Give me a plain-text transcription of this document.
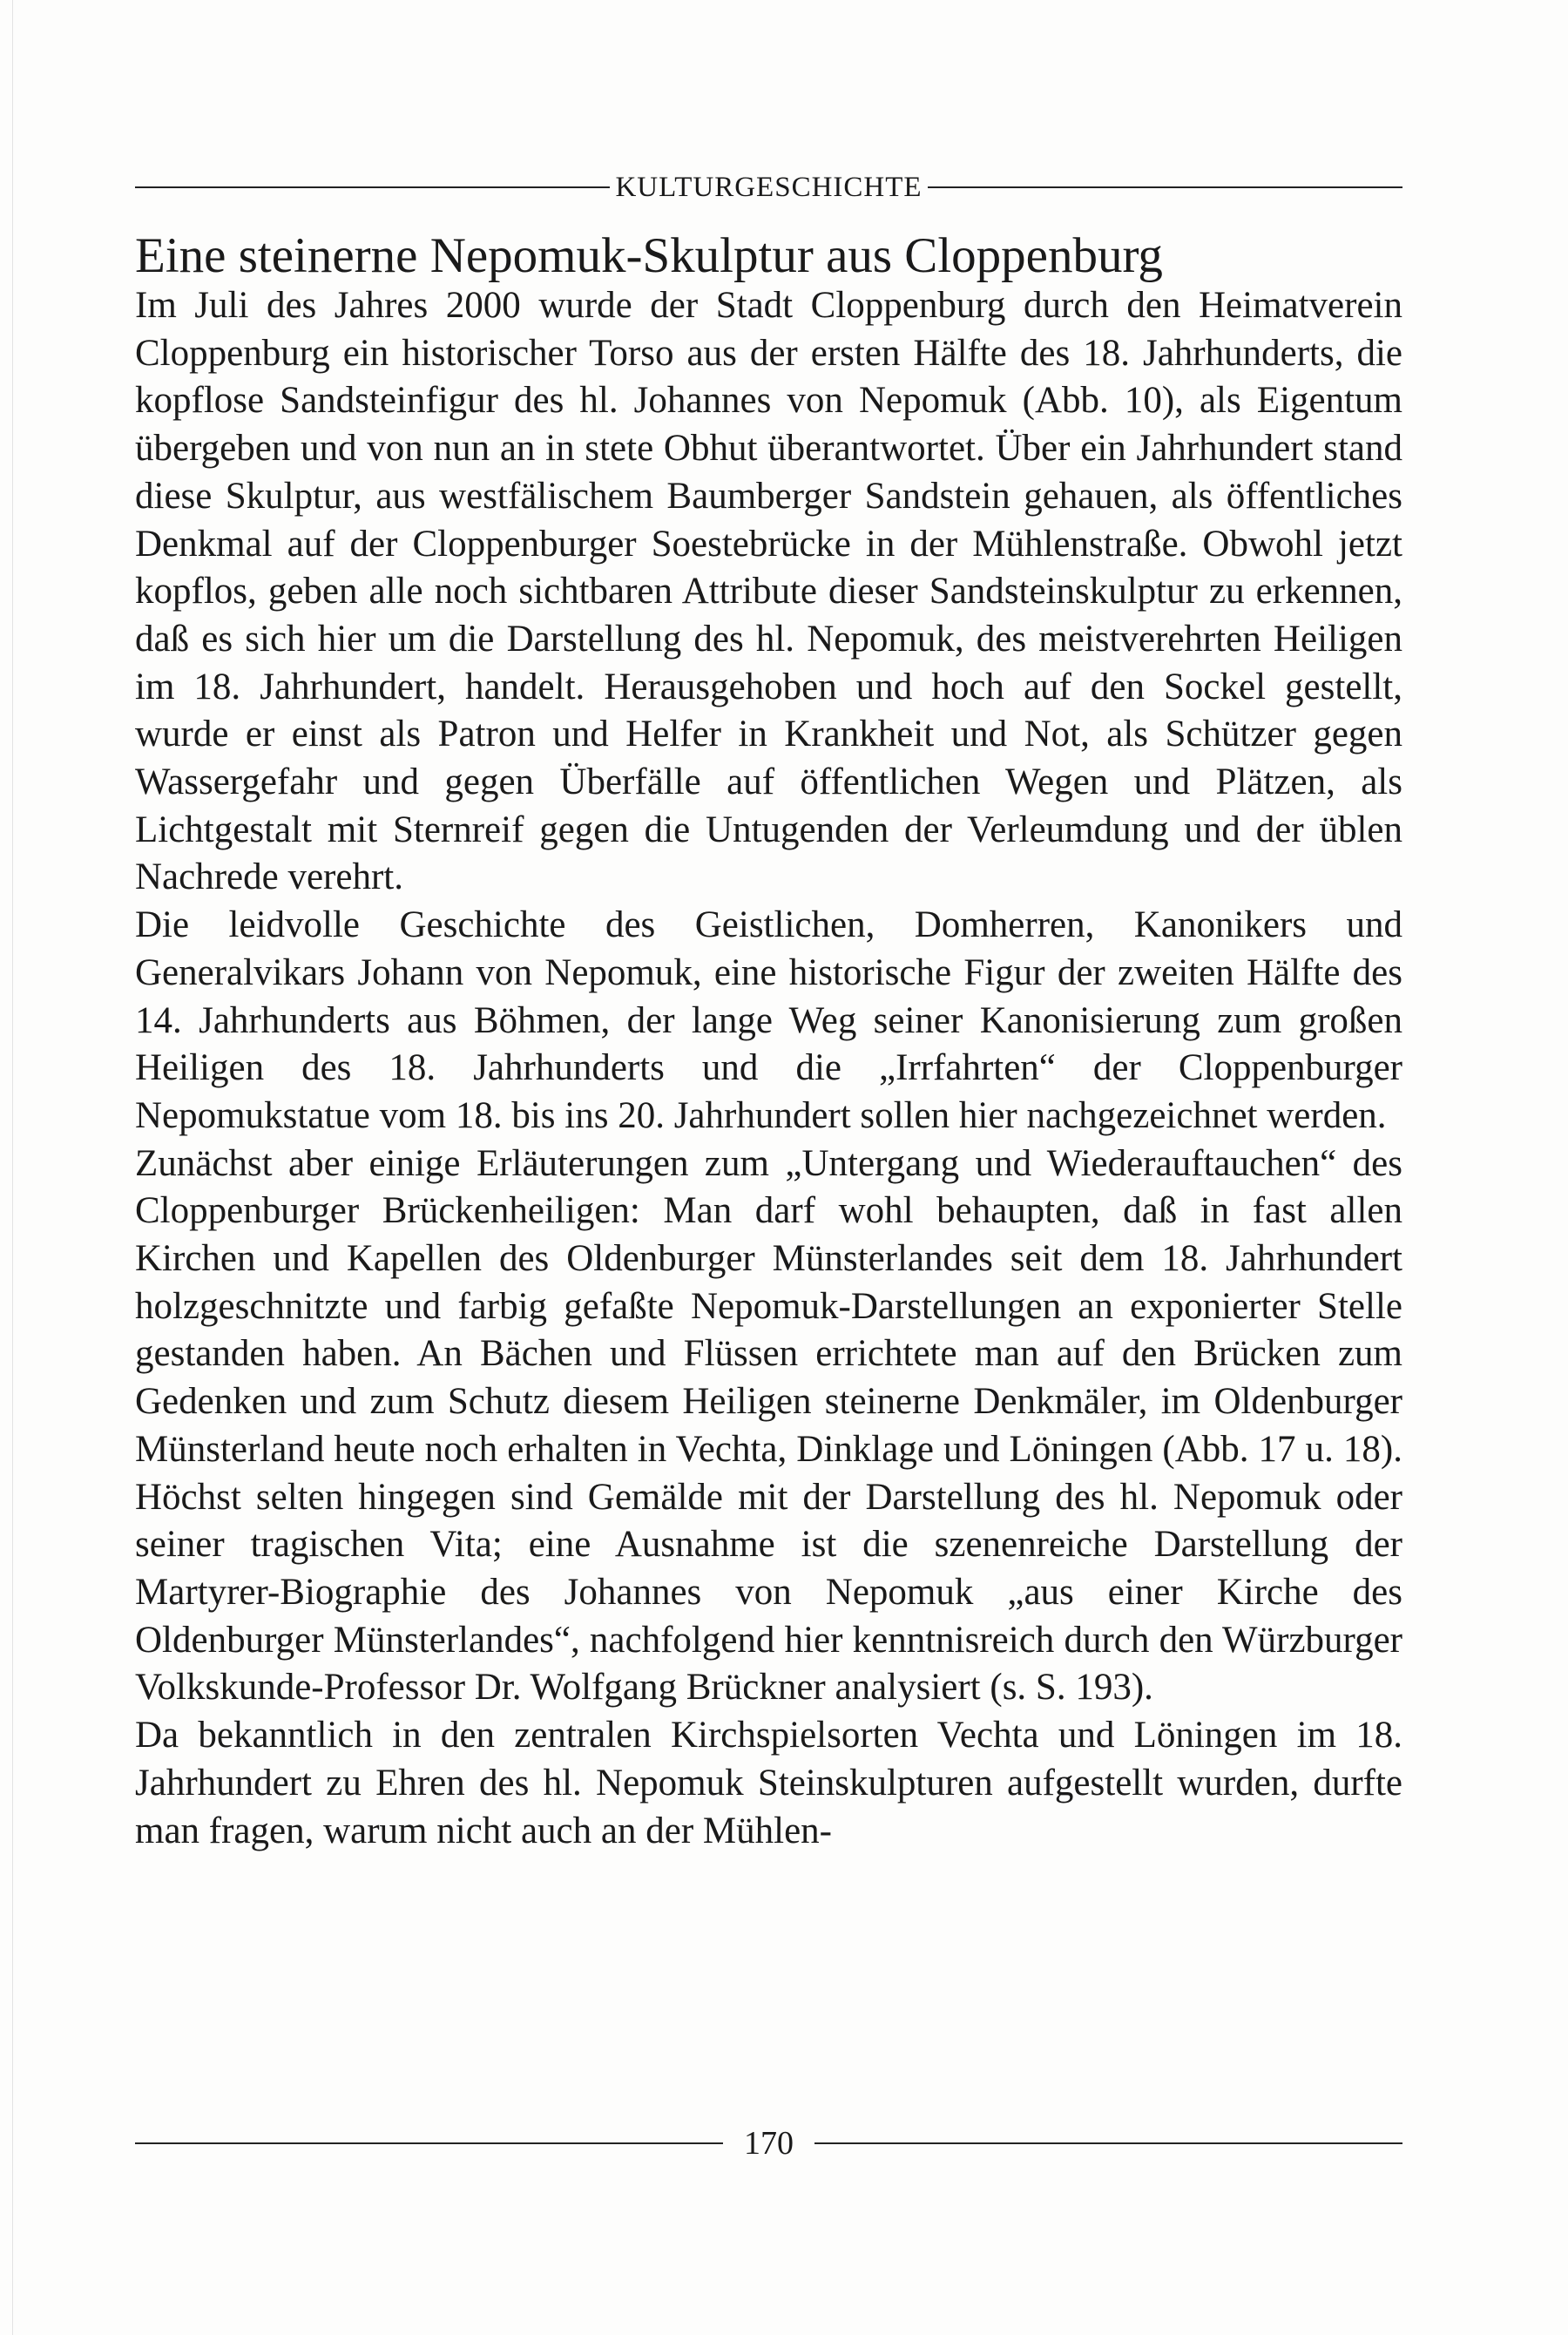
KULTURGESCHICHTE
Eine steinerne Nepomuk-Skulptur aus Cloppenburg

Im Juli des Jahres 2000 wurde der Stadt Cloppenburg durch den Heimatverein Cloppenburg ein historischer Torso aus der ersten Hälfte des 18. Jahrhunderts, die kopflose Sandsteinfigur des hl. Johannes von Nepomuk (Abb. 10), als Eigentum übergeben und von nun an in stete Obhut überantwortet. Über ein Jahrhundert stand diese Skulptur, aus westfälischem Baumberger Sandstein gehauen, als öffentliches Denkmal auf der Cloppenburger Soestebrücke in der Mühlenstraße. Obwohl jetzt kopflos, geben alle noch sichtbaren Attribute dieser Sandsteinskulptur zu erkennen, daß es sich hier um die Darstellung des hl. Nepomuk, des meistverehrten Heiligen im 18. Jahrhundert, handelt. Herausgehoben und hoch auf den Sockel gestellt, wurde er einst als Patron und Helfer in Krankheit und Not, als Schützer gegen Wassergefahr und gegen Überfälle auf öffentlichen Wegen und Plätzen, als Lichtgestalt mit Sternreif gegen die Untugenden der Verleumdung und der üblen Nachrede verehrt.

Die leidvolle Geschichte des Geistlichen, Domherren, Kanonikers und Generalvikars Johann von Nepomuk, eine historische Figur der zweiten Hälfte des 14. Jahrhunderts aus Böhmen, der lange Weg seiner Kanonisierung zum großen Heiligen des 18. Jahrhunderts und die „Irrfahrten“ der Cloppenburger Nepomukstatue vom 18. bis ins 20. Jahrhundert sollen hier nachgezeichnet werden.

Zunächst aber einige Erläuterungen zum „Untergang und Wiederauftauchen“ des Cloppenburger Brückenheiligen: Man darf wohl behaupten, daß in fast allen Kirchen und Kapellen des Oldenburger Münsterlandes seit dem 18. Jahrhundert holzgeschnitzte und farbig gefaßte Nepomuk-Darstellungen an exponierter Stelle gestanden haben. An Bächen und Flüssen errichtete man auf den Brücken zum Gedenken und zum Schutz diesem Heiligen steinerne Denkmäler, im Oldenburger Münsterland heute noch erhalten in Vechta, Dinklage und Löningen (Abb. 17 u. 18). Höchst selten hingegen sind Gemälde mit der Darstellung des hl. Nepomuk oder seiner tragischen Vita; eine Ausnahme ist die szenenreiche Darstellung der Martyrer-Biographie des Johannes von Nepomuk „aus einer Kirche des Oldenburger Münsterlandes“, nachfolgend hier kenntnisreich durch den Würzburger Volkskunde-Professor Dr. Wolfgang Brückner analysiert (s. S. 193).

Da bekanntlich in den zentralen Kirchspielsorten Vechta und Löningen im 18. Jahrhundert zu Ehren des hl. Nepomuk Steinskulpturen aufgestellt wurden, durfte man fragen, warum nicht auch an der Mühlen-

170
